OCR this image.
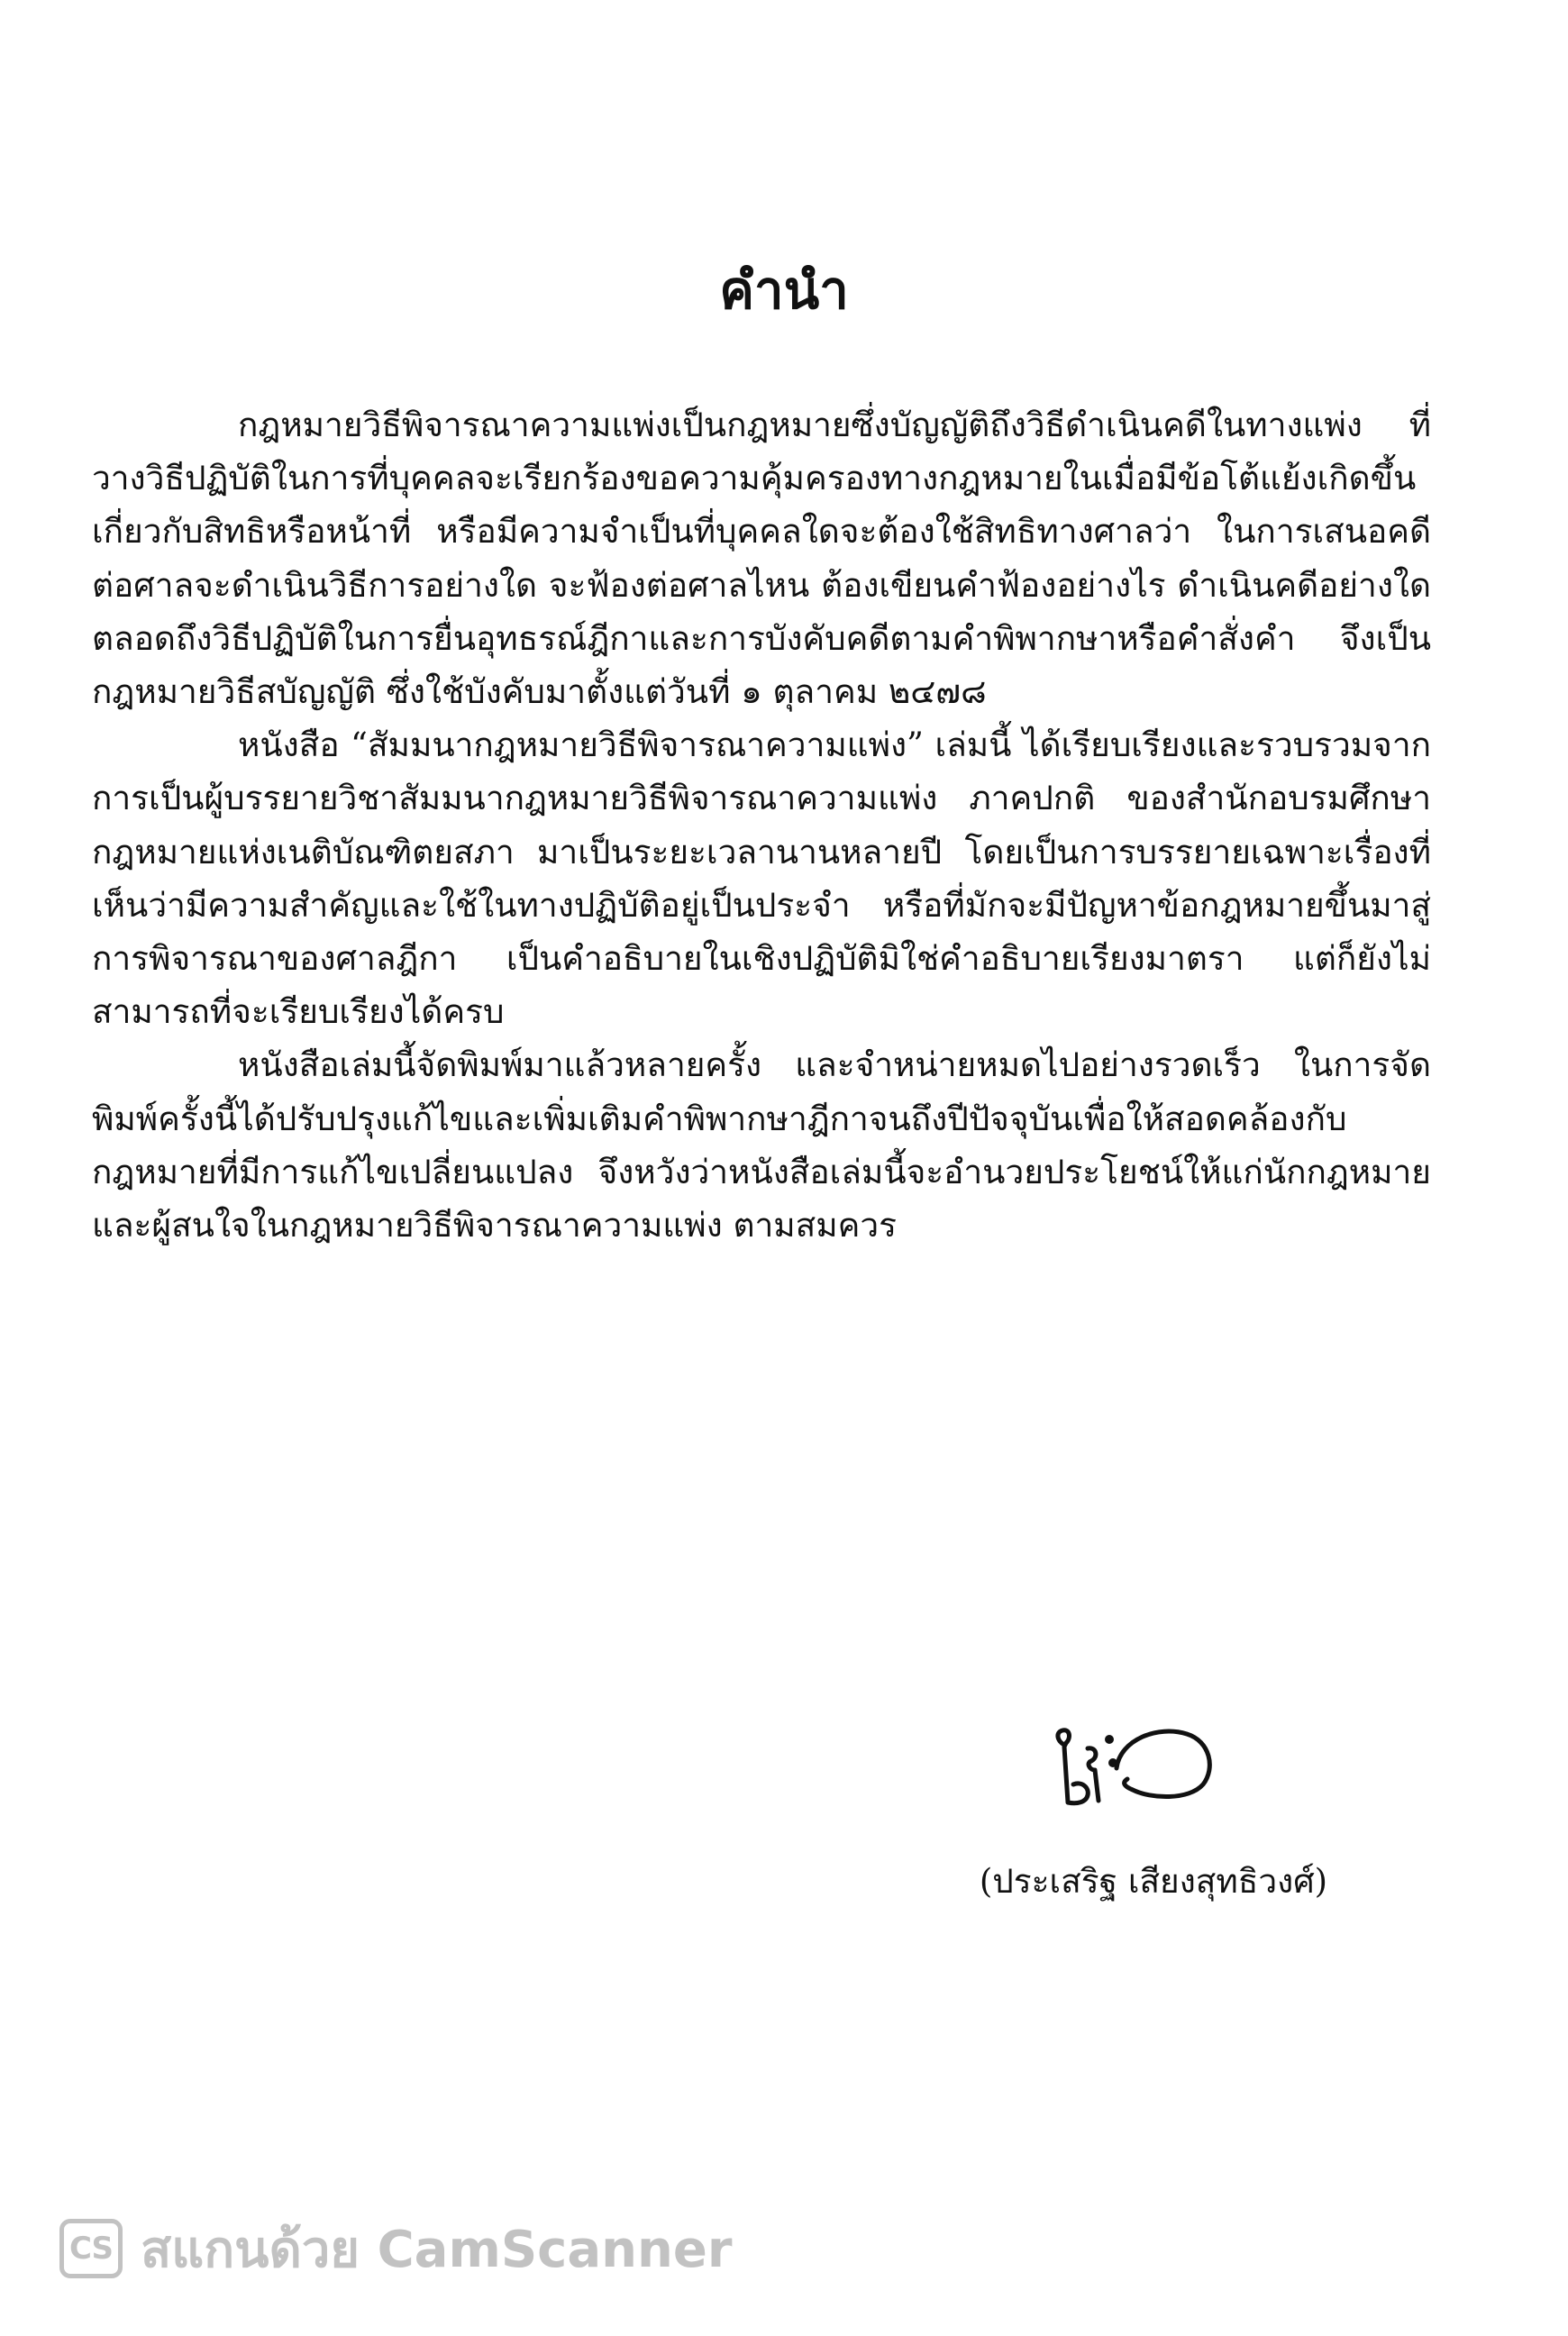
คำนำ

กฎหมายวิธีพิจารณาความแพ่งเป็นกฎหมายซึ่งบัญญัติถึงวิธีดำเนินคดีในทางแพ่ง ที่วางวิธีปฏิบัติในการที่บุคคลจะเรียกร้องขอความคุ้มครองทางกฎหมายในเมื่อมีข้อโต้แย้งเกิดขึ้นเกี่ยวกับสิทธิหรือหน้าที่ หรือมีความจำเป็นที่บุคคลใดจะต้องใช้สิทธิทางศาลว่า ในการเสนอคดีต่อศาลจะดำเนินวิธีการอย่างใด จะฟ้องต่อศาลไหน ต้องเขียนคำฟ้องอย่างไร ดำเนินคดีอย่างใด ตลอดถึงวิธีปฏิบัติในการยื่นอุทธรณ์ฎีกาและการบังคับคดีตามคำพิพากษาหรือคำสั่งคำ จึงเป็นกฎหมายวิธีสบัญญัติ ซึ่งใช้บังคับมาตั้งแต่วันที่ ๑ ตุลาคม ๒๔๗๘

หนังสือ “สัมมนากฎหมายวิธีพิจารณาความแพ่ง” เล่มนี้ ได้เรียบเรียงและรวบรวมจากการเป็นผู้บรรยายวิชาสัมมนากฎหมายวิธีพิจารณาความแพ่ง ภาคปกติ ของสำนักอบรมศึกษากฎหมายแห่งเนติบัณฑิตยสภา มาเป็นระยะเวลานานหลายปี โดยเป็นการบรรยายเฉพาะเรื่องที่เห็นว่ามีความสำคัญและใช้ในทางปฏิบัติอยู่เป็นประจำ หรือที่มักจะมีปัญหาข้อกฎหมายขึ้นมาสู่การพิจารณาของศาลฎีกา เป็นคำอธิบายในเชิงปฏิบัติมิใช่คำอธิบายเรียงมาตรา แต่ก็ยังไม่สามารถที่จะเรียบเรียงได้ครบ

หนังสือเล่มนี้จัดพิมพ์มาแล้วหลายครั้ง และจำหน่ายหมดไปอย่างรวดเร็ว ในการจัดพิมพ์ครั้งนี้ได้ปรับปรุงแก้ไขและเพิ่มเติมคำพิพากษาฎีกาจนถึงปีปัจจุบันเพื่อให้สอดคล้องกับกฎหมายที่มีการแก้ไขเปลี่ยนแปลง จึงหวังว่าหนังสือเล่มนี้จะอำนวยประโยชน์ให้แก่นักกฎหมายและผู้สนใจในกฎหมายวิธีพิจารณาความแพ่ง ตามสมควร

(ประเสริฐ เสียงสุทธิวงศ์)
CS สแกนด้วย CamScanner
